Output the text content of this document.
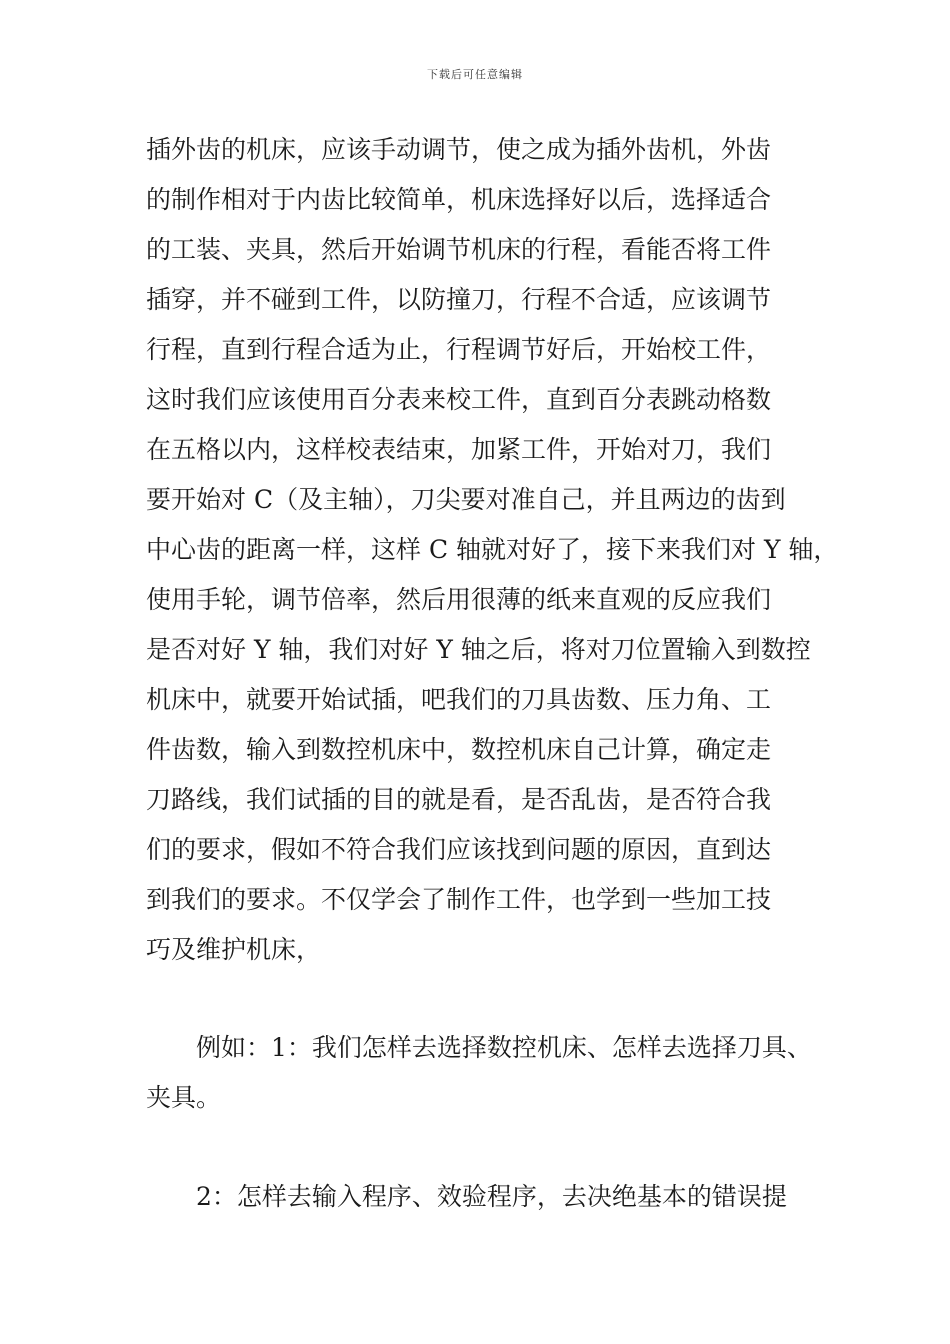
下载后可任意编辑
插外齿的机床，应该手动调节，使之成为插外齿机，外齿
的制作相对于内齿比较简单，机床选择好以后，选择适合
的工装、夹具，然后开始调节机床的行程，看能否将工件
插穿，并不碰到工件，以防撞刀，行程不合适，应该调节
行程，直到行程合适为止，行程调节好后，开始校工件，
这时我们应该使用百分表来校工件，直到百分表跳动格数
在五格以内，这样校表结束，加紧工件，开始对刀，我们
要开始对 C（及主轴），刀尖要对准自己，并且两边的齿到
中心齿的距离一样，这样 C 轴就对好了，接下来我们对 Y 轴，
使用手轮，调节倍率，然后用很薄的纸来直观的反应我们
是否对好 Y 轴，我们对好 Y 轴之后，将对刀位置输入到数控
机床中，就要开始试插，吧我们的刀具齿数、压力角、工
件齿数，输入到数控机床中，数控机床自己计算，确定走
刀路线，我们试插的目的就是看，是否乱齿，是否符合我
们的要求，假如不符合我们应该找到问题的原因，直到达
到我们的要求。不仅学会了制作工件，也学到一些加工技
巧及维护机床，
例如：1：我们怎样去选择数控机床、怎样去选择刀具、
夹具。
2：怎样去输入程序、效验程序，去决绝基本的错误提
